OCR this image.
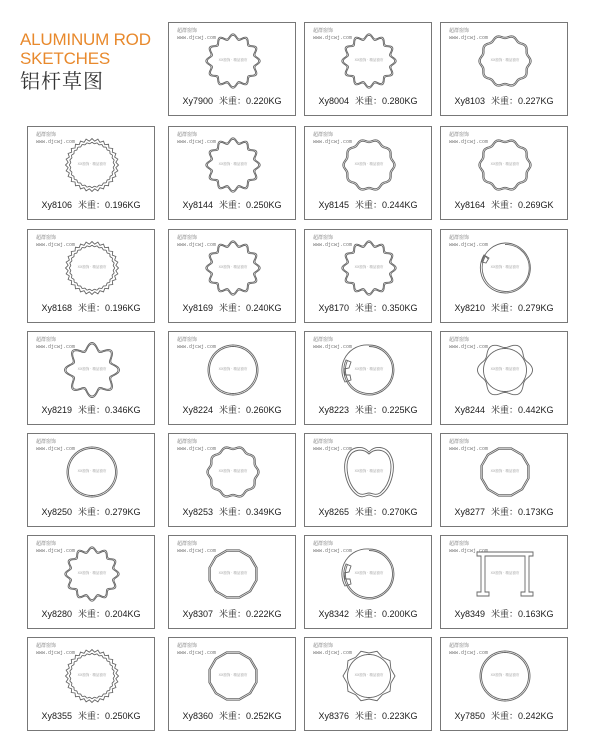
ALUMINUM ROD
SKETCHES
铝杆草图
超群窗饰
www.djcwj.com
XX窗饰 · 精品窗帘
Xy7900 米重：0.220KG
超群窗饰
www.djcwj.com
XX窗饰 · 精品窗帘
Xy8004 米重：0.280KG
超群窗饰
www.djcwj.com
XX窗饰 · 精品窗帘
Xy8103 米重：0.227KG
超群窗饰
www.djcwj.com
XX窗饰 · 精品窗帘
Xy8106 米重：0.196KG
超群窗饰
www.djcwj.com
XX窗饰 · 精品窗帘
Xy8144 米重：0.250KG
超群窗饰
www.djcwj.com
XX窗饰 · 精品窗帘
Xy8145 米重：0.244KG
超群窗饰
www.djcwj.com
XX窗饰 · 精品窗帘
Xy8164 米重：0.269GK
超群窗饰
www.djcwj.com
XX窗饰 · 精品窗帘
Xy8168 米重：0.196KG
超群窗饰
www.djcwj.com
XX窗饰 · 精品窗帘
Xy8169 米重：0.240KG
超群窗饰
www.djcwj.com
XX窗饰 · 精品窗帘
Xy8170 米重：0.350KG
超群窗饰
www.djcwj.com
XX窗饰 · 精品窗帘
Xy8210 米重：0.279KG
超群窗饰
www.djcwj.com
XX窗饰 · 精品窗帘
Xy8219 米重：0.346KG
超群窗饰
www.djcwj.com
XX窗饰 · 精品窗帘
Xy8224 米重：0.260KG
超群窗饰
www.djcwj.com
XX窗饰 · 精品窗帘
Xy8223 米重：0.225KG
超群窗饰
www.djcwj.com
XX窗饰 · 精品窗帘
Xy8244 米重：0.442KG
超群窗饰
www.djcwj.com
XX窗饰 · 精品窗帘
Xy8250 米重：0.279KG
超群窗饰
www.djcwj.com
XX窗饰 · 精品窗帘
Xy8253 米重：0.349KG
超群窗饰
www.djcwj.com
XX窗饰 · 精品窗帘
Xy8265 米重：0.270KG
超群窗饰
www.djcwj.com
XX窗饰 · 精品窗帘
Xy8277 米重：0.173KG
超群窗饰
www.djcwj.com
XX窗饰 · 精品窗帘
Xy8280 米重：0.204KG
超群窗饰
www.djcwj.com
XX窗饰 · 精品窗帘
Xy8307 米重：0.222KG
超群窗饰
www.djcwj.com
XX窗饰 · 精品窗帘
Xy8342 米重：0.200KG
超群窗饰
www.djcwj.com
XX窗饰 · 精品窗帘
Xy8349 米重：0.163KG
超群窗饰
www.djcwj.com
XX窗饰 · 精品窗帘
Xy8355 米重：0.250KG
超群窗饰
www.djcwj.com
XX窗饰 · 精品窗帘
Xy8360 米重：0.252KG
超群窗饰
www.djcwj.com
XX窗饰 · 精品窗帘
Xy8376 米重：0.223KG
超群窗饰
www.djcwj.com
XX窗饰 · 精品窗帘
Xy7850 米重：0.242KG
